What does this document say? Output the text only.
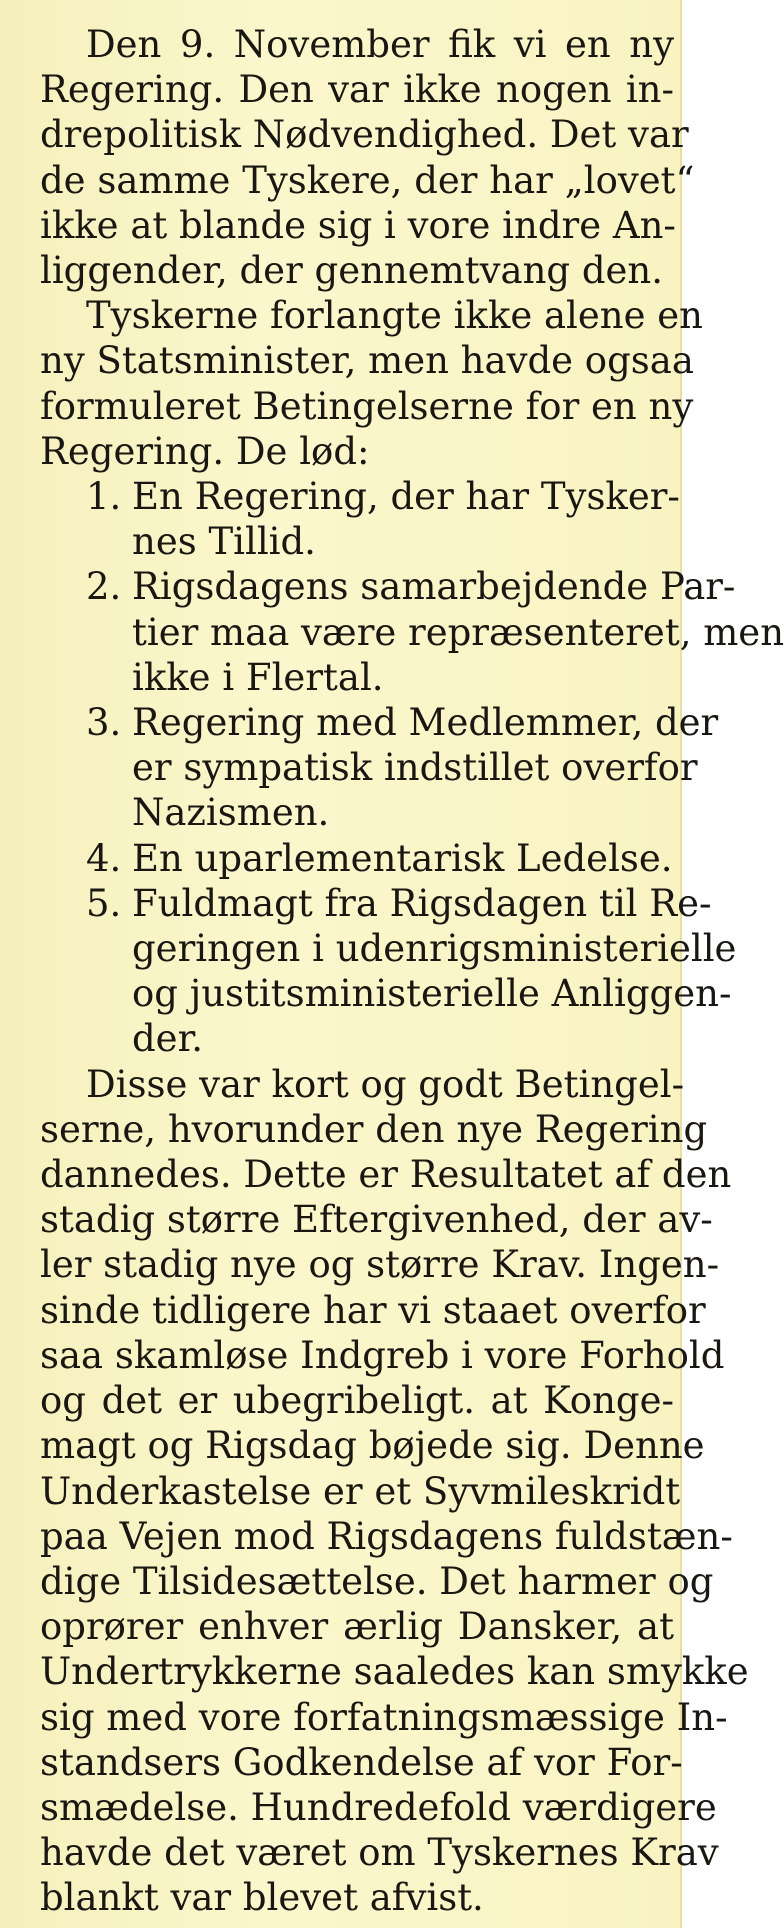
Den 9. November fik vi en ny
Regering. Den var ikke nogen in-
drepolitisk Nødvendighed. Det var
de samme Tyskere, der har „lovet“
ikke at blande sig i vore indre An-
liggender, der gennemtvang den.
Tyskerne forlangte ikke alene en
ny Statsminister, men havde ogsaa
formuleret Betingelserne for en ny
Regering. De lød:
1. En Regering, der har Tysker-
nes Tillid.
2. Rigsdagens samarbejdende Par-
tier maa være repræsenteret, men
ikke i Flertal.
3. Regering med Medlemmer, der
er sympatisk indstillet overfor
Nazismen.
4. En uparlementarisk Ledelse.
5. Fuldmagt fra Rigsdagen til Re-
geringen i udenrigsministerielle
og justitsministerielle Anliggen-
der.
Disse var kort og godt Betingel-
serne, hvorunder den nye Regering
dannedes. Dette er Resultatet af den
stadig større Eftergivenhed, der av-
ler stadig nye og større Krav. Ingen-
sinde tidligere har vi staaet overfor
saa skamløse Indgreb i vore Forhold
og det er ubegribeligt. at Konge-
magt og Rigsdag bøjede sig. Denne
Underkastelse er et Syvmileskridt
paa Vejen mod Rigsdagens fuldstæn-
dige Tilsidesættelse. Det harmer og
oprører enhver ærlig Dansker, at
Undertrykkerne saaledes kan smykke
sig med vore forfatningsmæssige In-
standsers Godkendelse af vor For-
smædelse. Hundredefold værdigere
havde det været om Tyskernes Krav
blankt var blevet afvist.
